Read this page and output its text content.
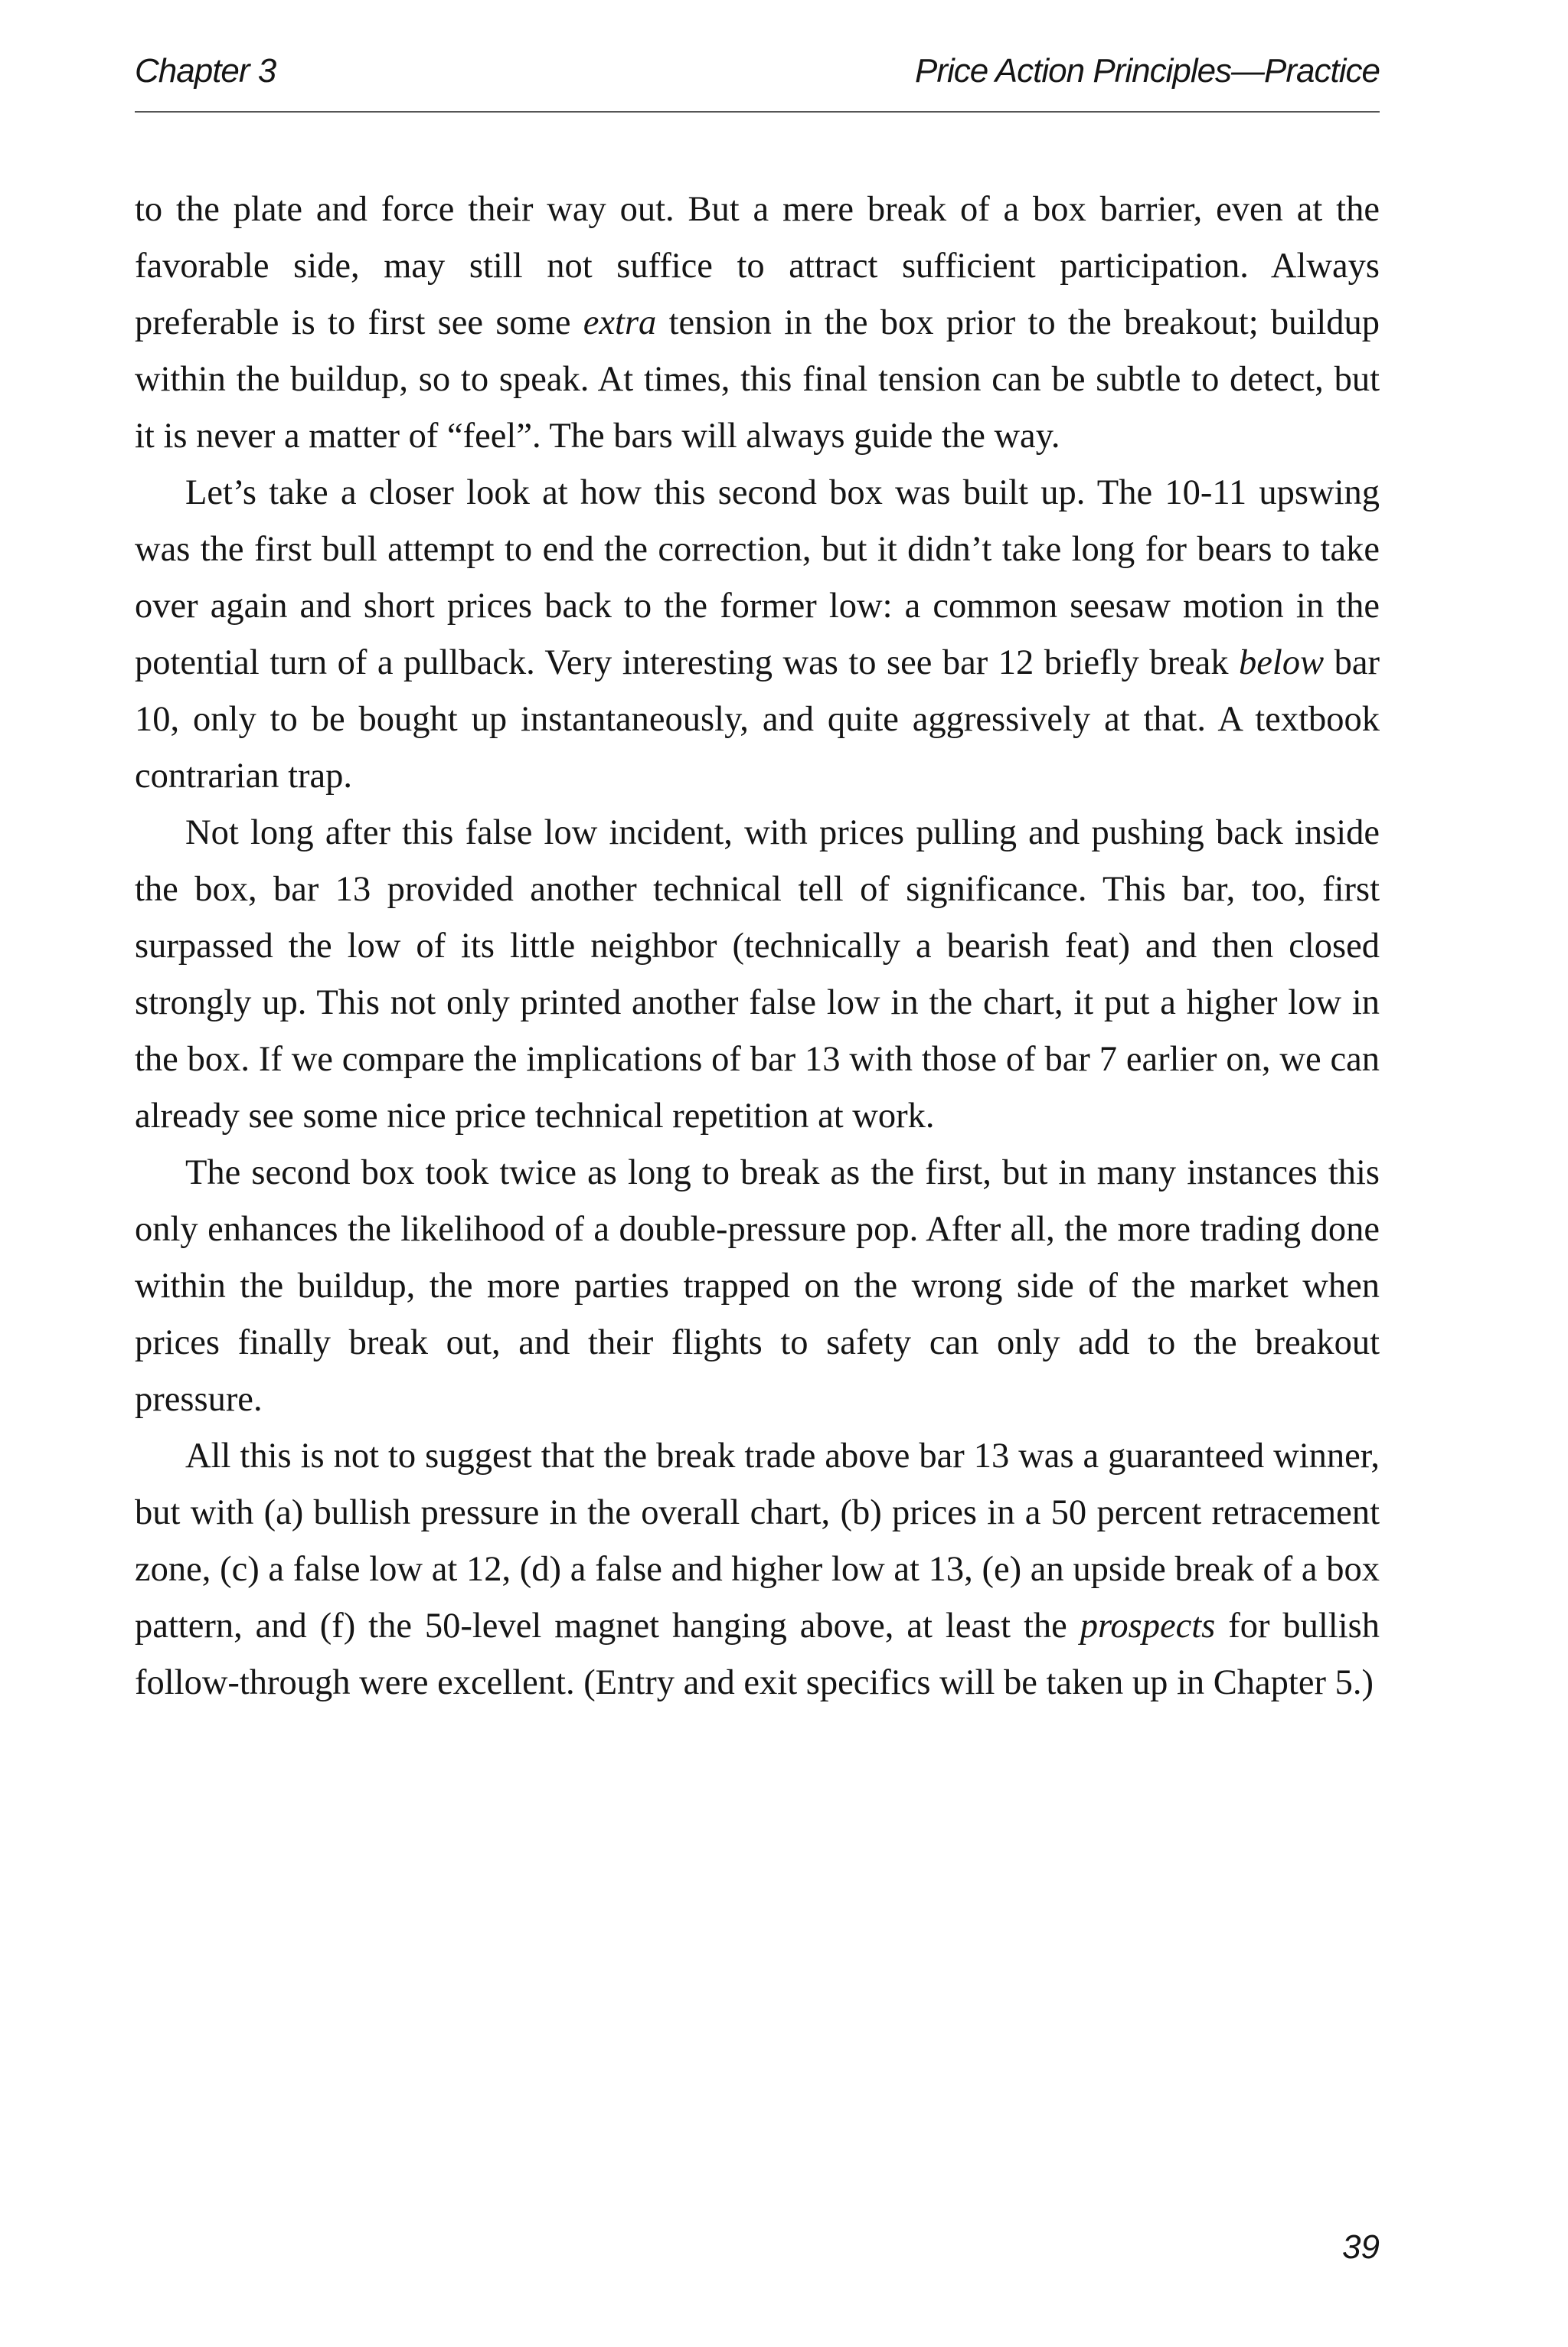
Chapter 3	Price Action Principles—Practice

to the plate and force their way out. But a mere break of a box barrier, even at the favorable side, may still not suffice to attract sufficient participation. Always preferable is to first see some extra tension in the box prior to the breakout; buildup within the buildup, so to speak. At times, this final tension can be subtle to detect, but it is never a matter of “feel”. The bars will always guide the way.

Let’s take a closer look at how this second box was built up. The 10-11 upswing was the first bull attempt to end the correction, but it didn’t take long for bears to take over again and short prices back to the former low: a common seesaw motion in the potential turn of a pullback. Very interesting was to see bar 12 briefly break below bar 10, only to be bought up instantaneously, and quite aggressively at that. A textbook contrarian trap.

Not long after this false low incident, with prices pulling and pushing back inside the box, bar 13 provided another technical tell of significance. This bar, too, first surpassed the low of its little neighbor (technically a bearish feat) and then closed strongly up. This not only printed another false low in the chart, it put a higher low in the box. If we compare the implications of bar 13 with those of bar 7 earlier on, we can already see some nice price technical repetition at work.

The second box took twice as long to break as the first, but in many instances this only enhances the likelihood of a double-pressure pop. After all, the more trading done within the buildup, the more parties trapped on the wrong side of the market when prices finally break out, and their flights to safety can only add to the breakout pressure.

All this is not to suggest that the break trade above bar 13 was a guaranteed winner, but with (a) bullish pressure in the overall chart, (b) prices in a 50 percent retracement zone, (c) a false low at 12, (d) a false and higher low at 13, (e) an upside break of a box pattern, and (f) the 50-level magnet hanging above, at least the prospects for bullish follow-through were excellent. (Entry and exit specifics will be taken up in Chapter 5.)

39
